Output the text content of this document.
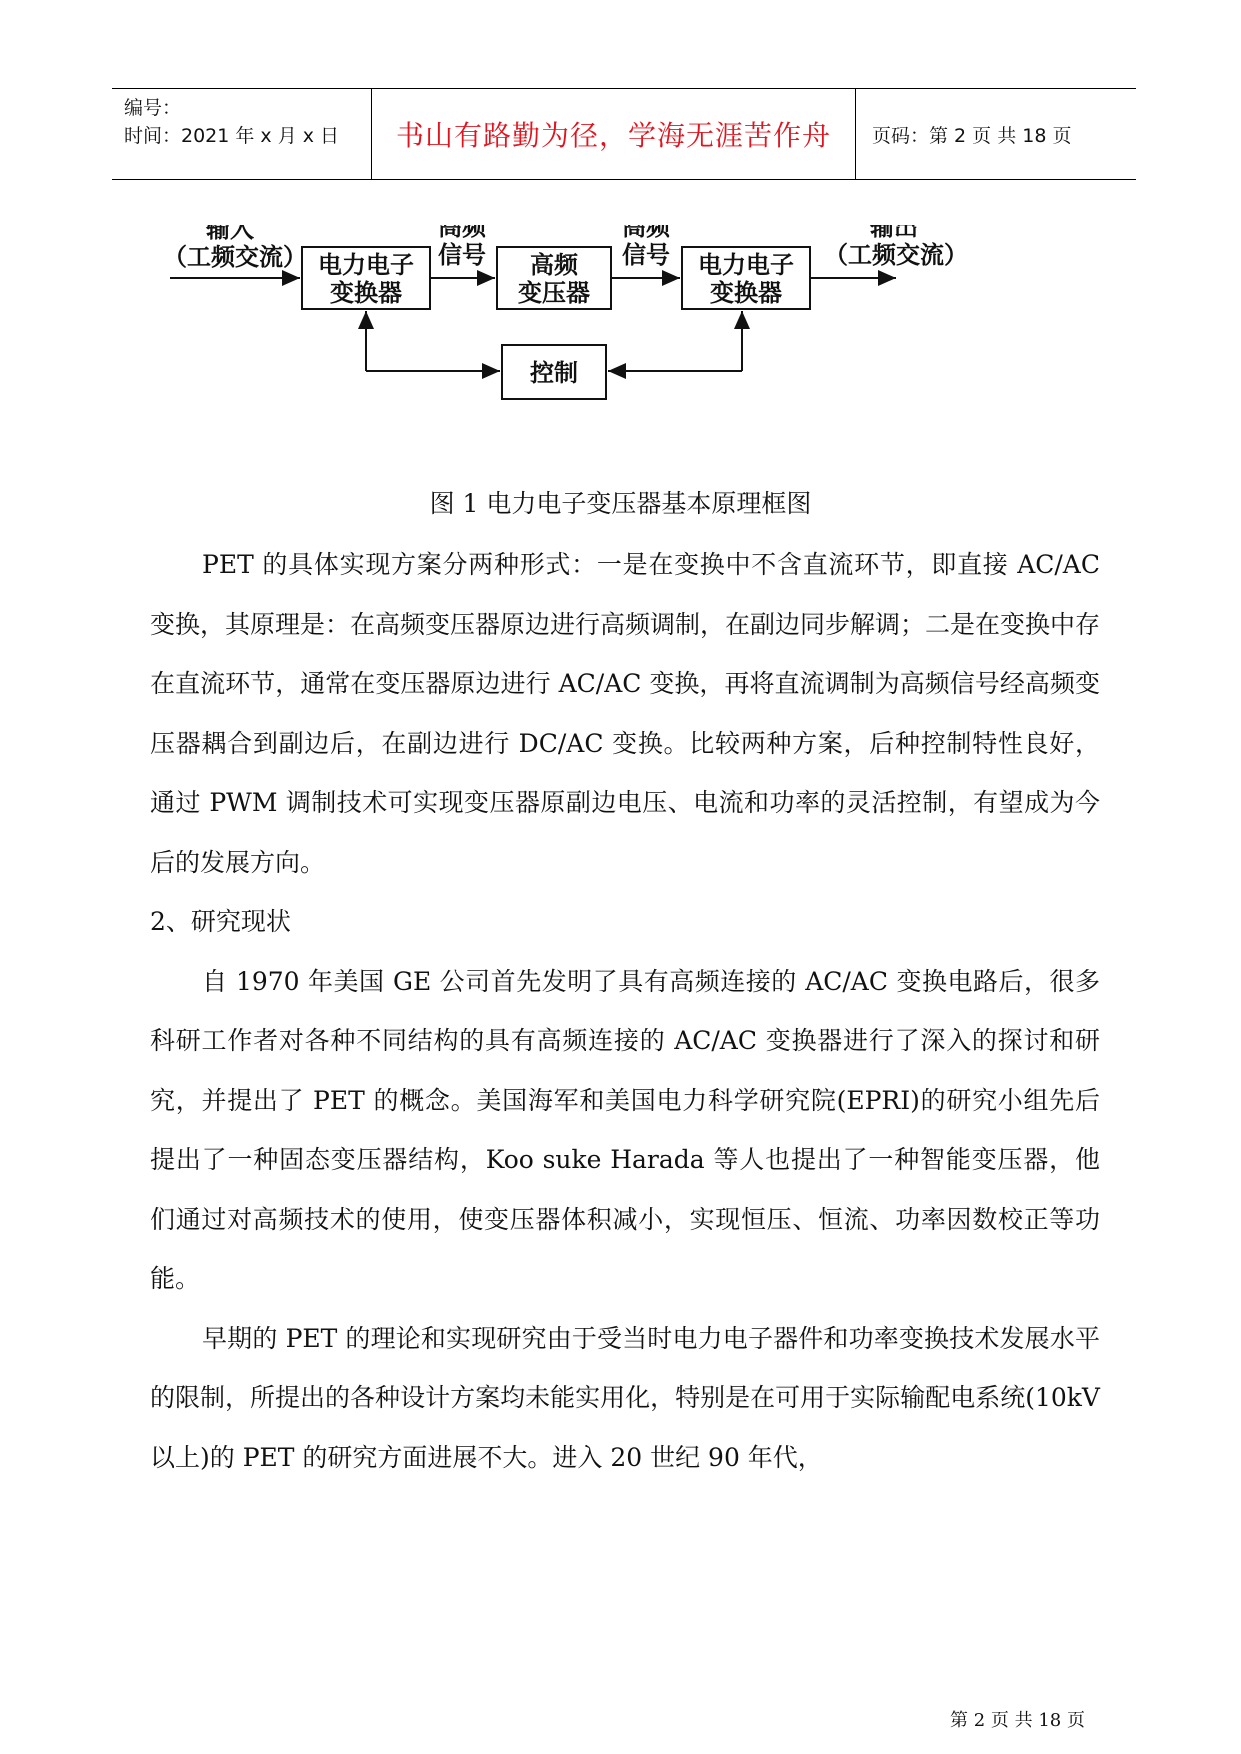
编号：
时间：2021 年 x 月 x 日 书山有路勤为径，学海无涯苦作舟 页码：第 2 页 共 18 页
输入
（工频交流） 电力电子
变换器
高频
信号 高频
变压器
高频
信号 电力电子
变换器
输出
（工频交流）
控制
图 1 电力电子变压器基本原理框图

PET 的具体实现方案分两种形式：一是在变换中不含直流环节，即直接 AC/AC 变换，其原理是：在高频变压器原边进行高频调制，在副边同步解调；二是在变换中存在直流环节，通常在变压器原边进行 AC/AC 变换，再将直流调制为高频信号经高频变压器耦合到副边后，在副边进行 DC/AC 变换。比较两种方案，后种控制特性良好，通过 PWM 调制技术可实现变压器原副边电压、电流和功率的灵活控制，有望成为今后的发展方向。

2、研究现状

自 1970 年美国 GE 公司首先发明了具有高频连接的 AC/AC 变换电路后，很多科研工作者对各种不同结构的具有高频连接的 AC/AC 变换器进行了深入的探讨和研究，并提出了 PET 的概念。美国海军和美国电力科学研究院(EPRI)的研究小组先后提出了一种固态变压器结构，Koo suke Harada 等人也提出了一种智能变压器，他们通过对高频技术的使用，使变压器体积减小，实现恒压、恒流、功率因数校正等功能。

早期的 PET 的理论和实现研究由于受当时电力电子器件和功率变换技术发展水平的限制，所提出的各种设计方案均未能实用化，特别是在可用于实际输配电系统(10kV 以上)的 PET 的研究方面进展不大。进入 20 世纪 90 年代，

第 2 页 共 18 页
